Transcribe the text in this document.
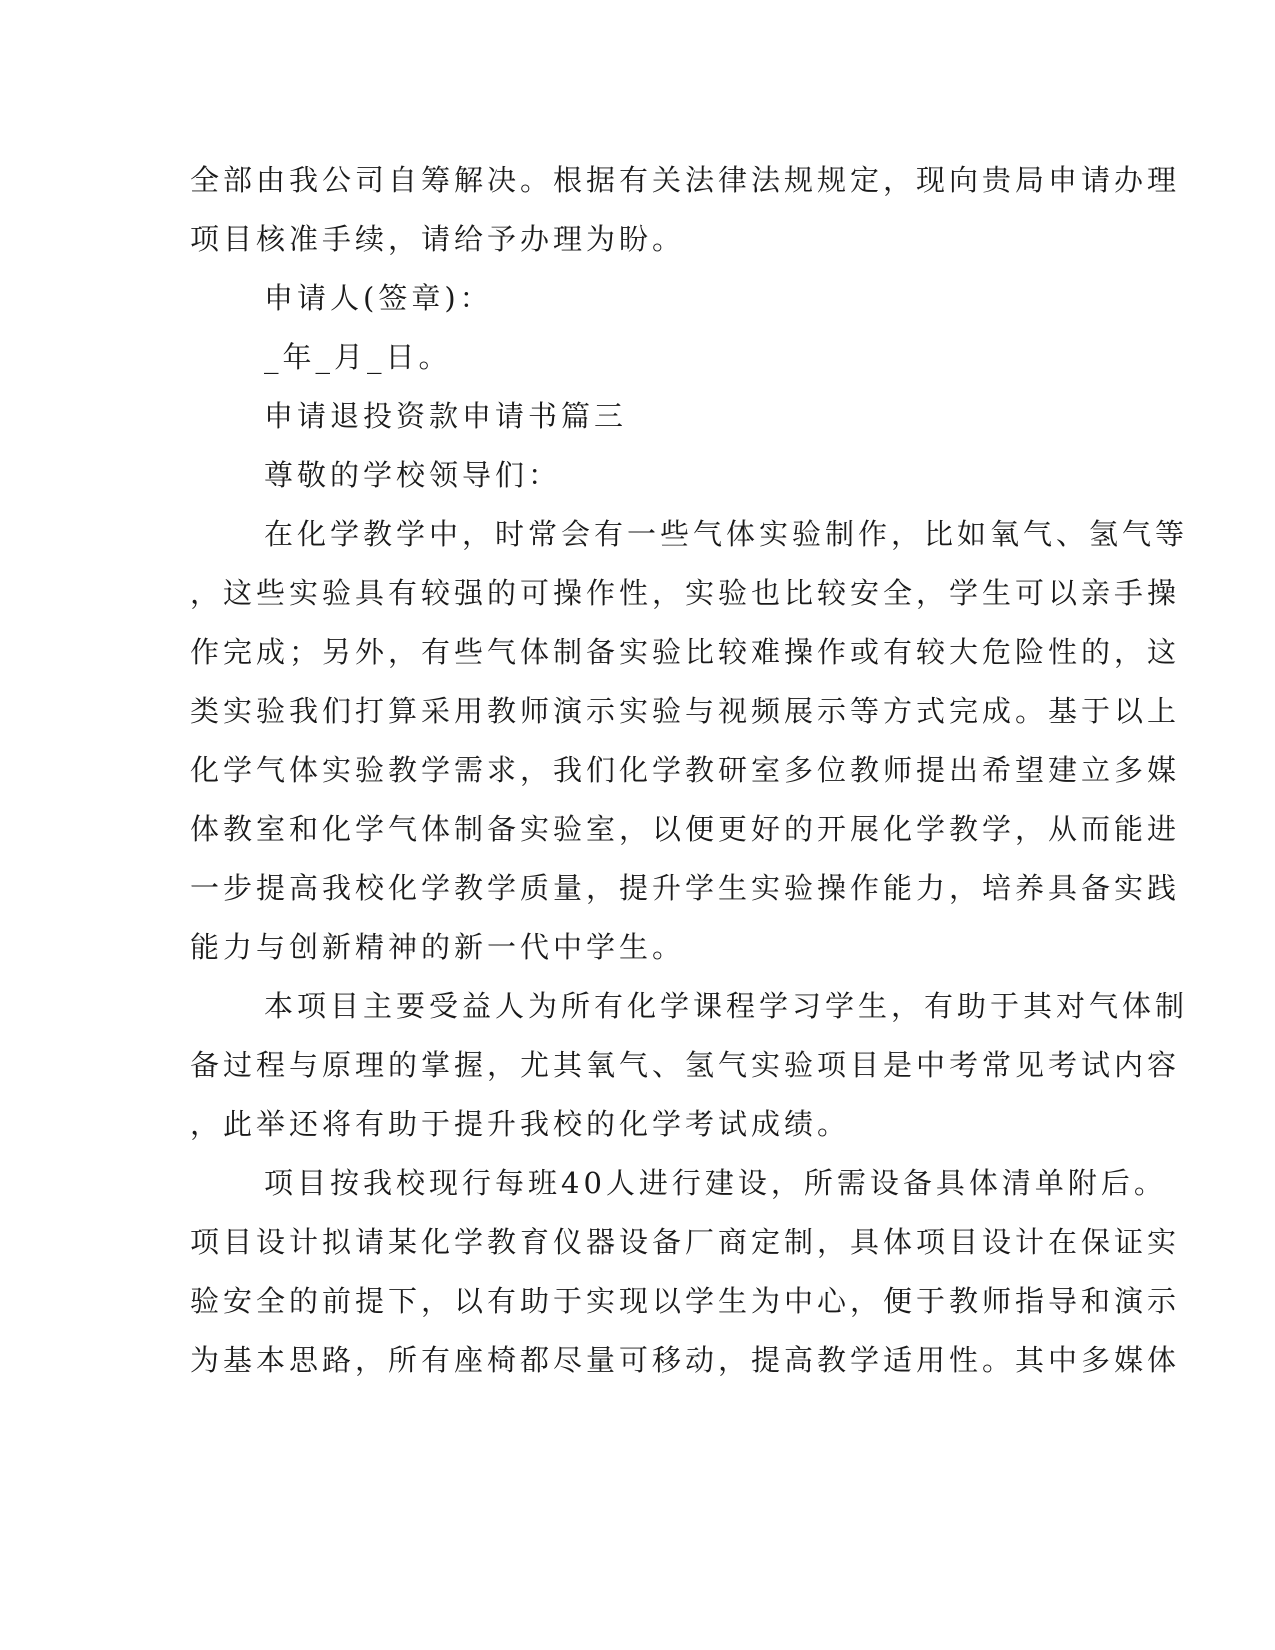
全部由我公司自筹解决。根据有关法律法规规定，现向贵局申请办理
项目核准手续，请给予办理为盼。
申请人(签章)：
_年_月_日。
申请退投资款申请书篇三
尊敬的学校领导们：
在化学教学中，时常会有一些气体实验制作，比如氧气、氢气等
，这些实验具有较强的可操作性，实验也比较安全，学生可以亲手操
作完成；另外，有些气体制备实验比较难操作或有较大危险性的，这
类实验我们打算采用教师演示实验与视频展示等方式完成。基于以上
化学气体实验教学需求，我们化学教研室多位教师提出希望建立多媒
体教室和化学气体制备实验室，以便更好的开展化学教学，从而能进
一步提高我校化学教学质量，提升学生实验操作能力，培养具备实践
能力与创新精神的新一代中学生。
本项目主要受益人为所有化学课程学习学生，有助于其对气体制
备过程与原理的掌握，尤其氧气、氢气实验项目是中考常见考试内容
，此举还将有助于提升我校的化学考试成绩。
项目按我校现行每班40人进行建设，所需设备具体清单附后。
项目设计拟请某化学教育仪器设备厂商定制，具体项目设计在保证实
验安全的前提下，以有助于实现以学生为中心，便于教师指导和演示
为基本思路，所有座椅都尽量可移动，提高教学适用性。其中多媒体
